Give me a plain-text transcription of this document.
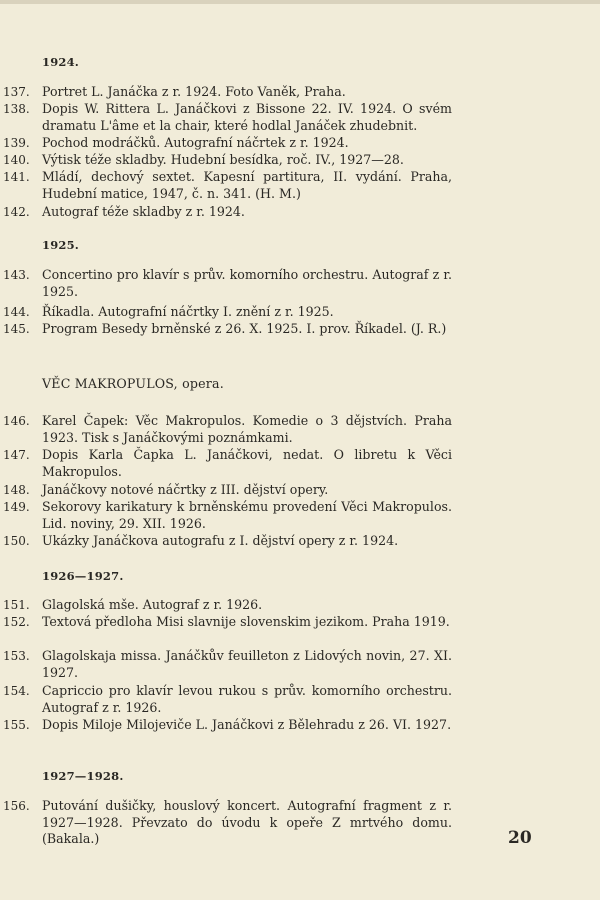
1924.
137. Portret L. Janáčka z r. 1924. Foto Vaněk, Praha.
138. Dopis W. Rittera L. Janáčkovi z Bissone 22. IV. 1924. O svém dramatu L'âme et la chair, které hodlal Janáček zhudebnit.
139. Pochod modráčků. Autografní náčrtek z r. 1924.
140. Výtisk téže skladby. Hudební besídka, roč. IV., 1927—28.
141. Mládí, dechový sextet. Kapesní partitura, II. vydání. Praha, Hudební matice, 1947, č. n. 341. (H. M.)
142. Autograf téže skladby z r. 1924.
1925.
143. Concertino pro klavír s prův. komorního orchestru. Autograf z r. 1925.
144. Říkadla. Autografní náčrtky I. znění z r. 1925.
145. Program Besedy brněnské z 26. X. 1925. I. prov. Říkadel. (J. R.)
VĚC MAKROPULOS, opera.
146. Karel Čapek: Věc Makropulos. Komedie o 3 dějstvích. Praha 1923. Tisk s Janáčkovými poznámkami.
147. Dopis Karla Čapka L. Janáčkovi, nedat. O libretu k Věci Makropulos.
148. Janáčkovy notové náčrtky z III. dějství opery.
149. Sekorovy karikatury k brněnskému provedení Věci Makropulos. Lid. noviny, 29. XII. 1926.
150. Ukázky Janáčkova autografu z I. dějství opery z r. 1924.
1926—1927.
151. Glagolská mše. Autograf z r. 1926.
152. Textová předloha Misi slavnije slovenskim jezikom. Praha 1919.
153. Glagolskaja missa. Janáčkův feuilleton z Lidových novin, 27. XI. 1927.
154. Capriccio pro klavír levou rukou s prův. komorního orchestru. Autograf z r. 1926.
155. Dopis Miloje Milojeviče L. Janáčkovi z Bělehradu z 26. VI. 1927.
1927—1928.
156. Putování dušičky, houslový koncert. Autografní fragment z r. 1927—1928. Převzato do úvodu k opeře Z mrtvého domu. (Bakala.)	20
